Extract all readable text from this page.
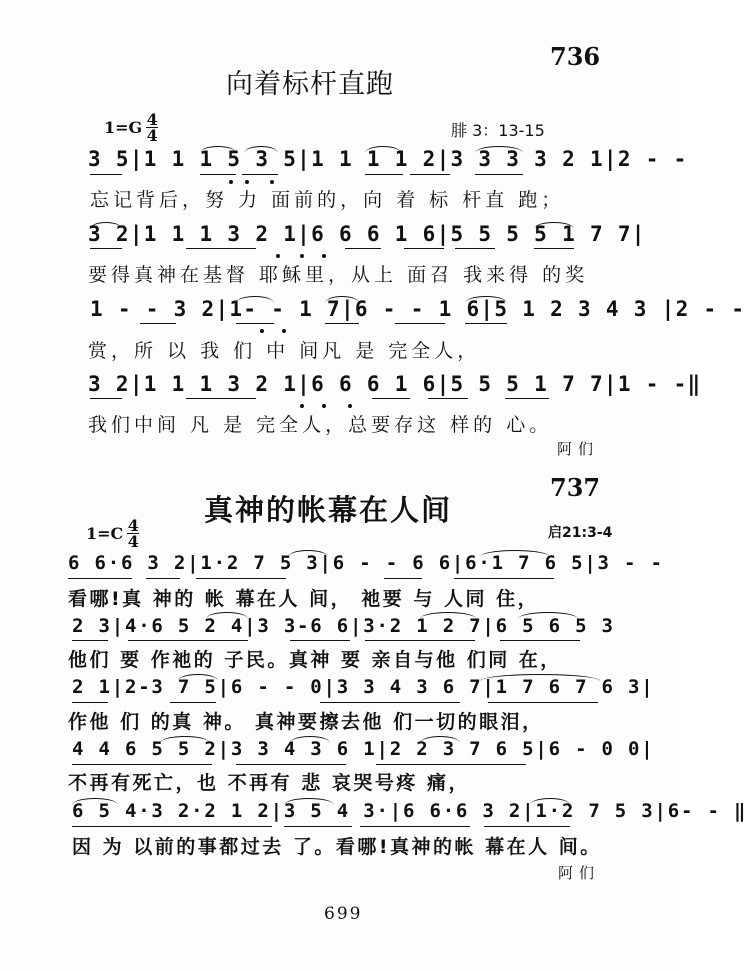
736
向着标杆直跑
1=G 4
4	腓 3：13-15
3 5|1 1 1 5 3 5|1 1 1 1 2|3 3 3 3 2 1|2 - -
忘记背后，努 力 面前的，向 着 标 杆直 跑；
3 2|1 1 1 3 2 1|6 6 6 1 6|5 5 5 5 1 7 7|
要得真神在基督 耶稣里，从上 面召 我来得 的奖
1 - - 3 2|1- - 1 7|6 - - 1 6|5 1 2 3 4 3 |2 - -
赏，所 以 我 们 中 间凡 是 完全人，
3 2|1 1 1 3 2 1|6 6 6 1 6|5 5 5 1 7 7|1 - -‖
我们中间 凡 是 完全人，总要存这 样的 心。
阿们
737
真神的帐幕在人间
1=C 4
4	启21:3-4
6 6·6 3 2|1·2 7 5 3|6 - - 6 6|6·1 7 6 5|3 - -
看哪!真 神的 帐 幕在人 间， 祂要 与 人同 住，
2 3|4·6 5 2 4|3 3-6 6|3·2 1 2 7|6 5 6 5 3
他们 要 作祂的 子民。真神 要 亲自与他 们同 在，
2 1|2-3 7 5|6 - - 0|3 3 4 3 6 7|1 7 6 7 6 3|
作他 们 的真 神。 真神要擦去他 们一切的眼泪，
4 4 6 5 5 2|3 3 4 3 6 1|2 2 3 7 6 5|6 - 0 0|
不再有死亡，也 不再有 悲 哀哭号疼 痛，
6 5 4·3 2·2 1 2|3 5 4 3·|6 6·6 3 2|1·2 7 5 3|6- - ‖
因 为 以前的事都过去 了。看哪!真神的帐 幕在人 间。
阿们
699
